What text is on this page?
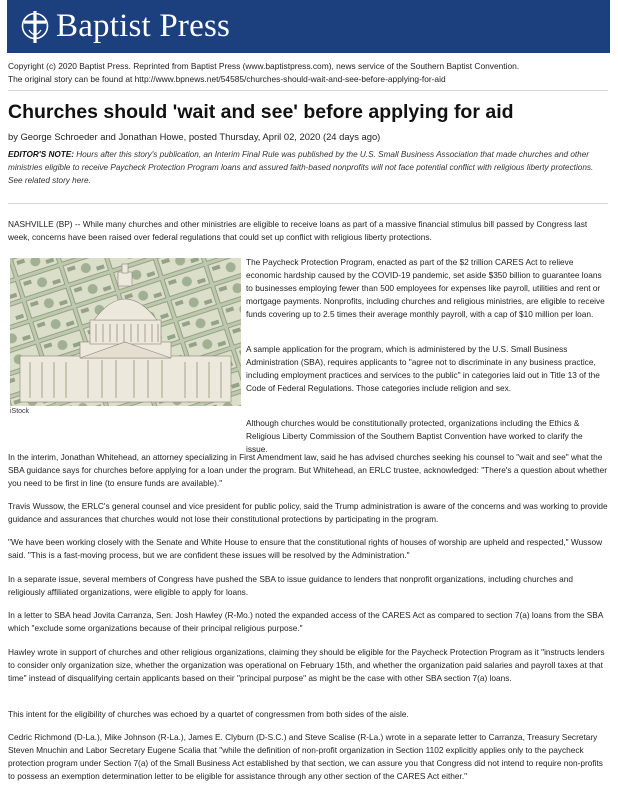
Baptist Press
Copyright (c) 2020 Baptist Press. Reprinted from Baptist Press (www.baptistpress.com), news service of the Southern Baptist Convention.
The original story can be found at http://www.bpnews.net/54585/churches-should-wait-and-see-before-applying-for-aid
Churches should 'wait and see' before applying for aid
by George Schroeder and Jonathan Howe, posted Thursday, April 02, 2020 (24 days ago)
EDITOR'S NOTE: Hours after this story's publication, an Interim Final Rule was published by the U.S. Small Business Association that made churches and other ministries eligible to receive Paycheck Protection Program loans and assured faith-based nonprofits will not face potential conflict with religious liberty protections. See related story here.
NASHVILLE (BP) -- While many churches and other ministries are eligible to receive loans as part of a massive financial stimulus bill passed by Congress last week, concerns have been raised over federal regulations that could set up conflict with religious liberty protections.
iStock
The Paycheck Protection Program, enacted as part of the $2 trillion CARES Act to relieve economic hardship caused by the COVID-19 pandemic, set aside $350 billion to guarantee loans to businesses employing fewer than 500 employees for expenses like payroll, utilities and rent or mortgage payments. Nonprofits, including churches and religious ministries, are eligible to receive funds covering up to 2.5 times their average monthly payroll, with a cap of $10 million per loan.
A sample application for the program, which is administered by the U.S. Small Business Administration (SBA), requires applicants to "agree not to discriminate in any business practice, including employment practices and services to the public" in categories laid out in Title 13 of the Code of Federal Regulations. Those categories include religion and sex.
Although churches would be constitutionally protected, organizations including the Ethics & Religious Liberty Commission of the Southern Baptist Convention have worked to clarify the issue.
In the interim, Jonathan Whitehead, an attorney specializing in First Amendment law, said he has advised churches seeking his counsel to "wait and see" what the SBA guidance says for churches before applying for a loan under the program. But Whitehead, an ERLC trustee, acknowledged: "There's a question about whether you need to be first in line (to ensure funds are available)."
Travis Wussow, the ERLC's general counsel and vice president for public policy, said the Trump administration is aware of the concerns and was working to provide guidance and assurances that churches would not lose their constitutional protections by participating in the program.
"We have been working closely with the Senate and White House to ensure that the constitutional rights of houses of worship are upheld and respected," Wussow said. "This is a fast-moving process, but we are confident these issues will be resolved by the Administration."
In a separate issue, several members of Congress have pushed the SBA to issue guidance to lenders that nonprofit organizations, including churches and religiously affiliated organizations, were eligible to apply for loans.
In a letter to SBA head Jovita Carranza, Sen. Josh Hawley (R-Mo.) noted the expanded access of the CARES Act as compared to section 7(a) loans from the SBA which "exclude some organizations because of their principal religious purpose."
Hawley wrote in support of churches and other religious organizations, claiming they should be eligible for the Paycheck Protection Program as it "instructs lenders to consider only organization size, whether the organization was operational on February 15th, and whether the organization paid salaries and payroll taxes at that time" instead of disqualifying certain applicants based on their "principal purpose" as might be the case with other SBA section 7(a) loans.
This intent for the eligibility of churches was echoed by a quartet of congressmen from both sides of the aisle.
Cedric Richmond (D-La.), Mike Johnson (R-La.), James E. Clyburn (D-S.C.) and Steve Scalise (R-La.) wrote in a separate letter to Carranza, Treasury Secretary Steven Mnuchin and Labor Secretary Eugene Scalia that "while the definition of non-profit organization in Section 1102 explicitly applies only to the paycheck protection program under Section 7(a) of the Small Business Act established by that section, we can assure you that Congress did not intend to require non-profits to possess an exemption determination letter to be eligible for assistance through any other section of the CARES Act either."
